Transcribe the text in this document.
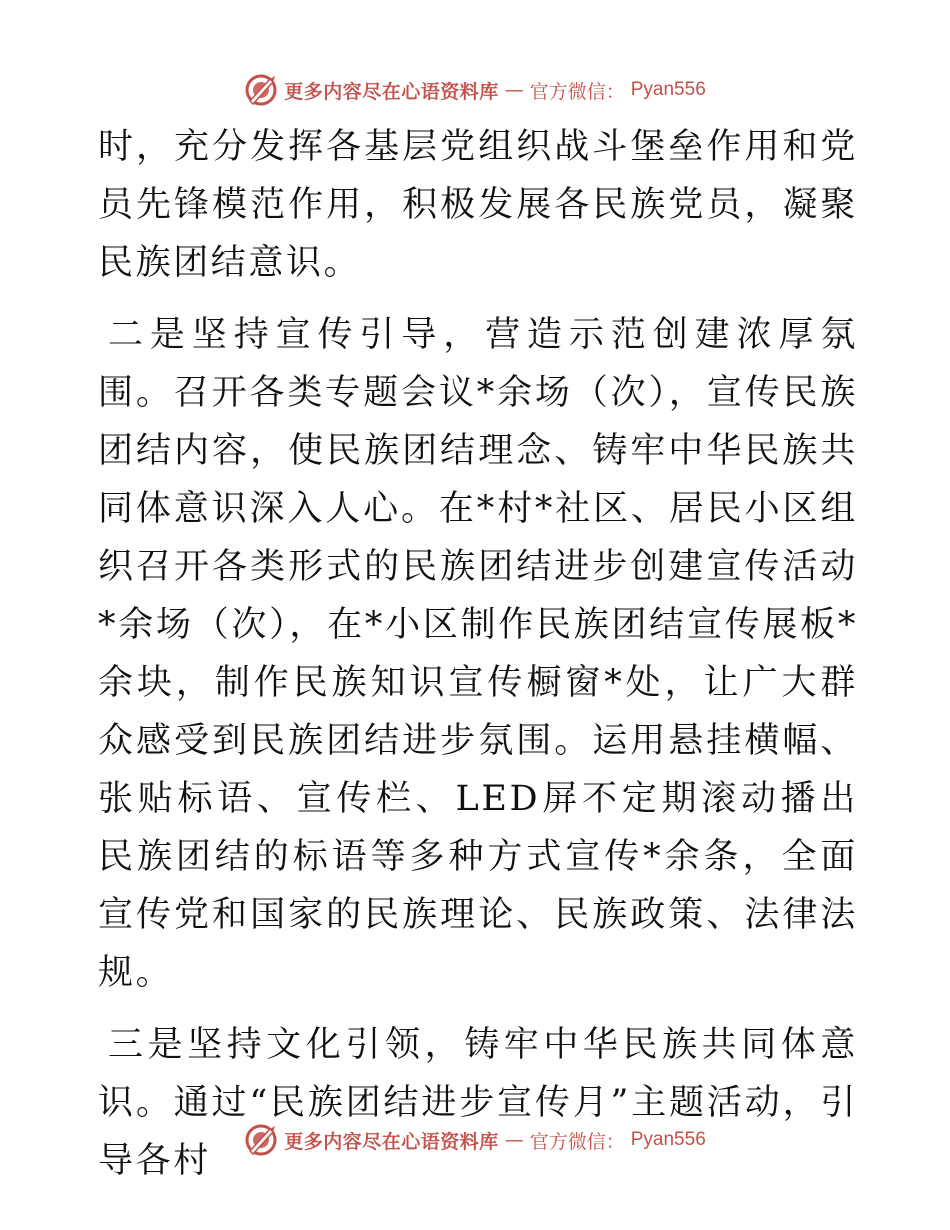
更多内容尽在心语资料库 — 官方微信： Pyan556

时，充分发挥各基层党组织战斗堡垒作用和党员先锋模范作用，积极发展各民族党员，凝聚民族团结意识。

二是坚持宣传引导，营造示范创建浓厚氛围。召开各类专题会议*余场（次），宣传民族团结内容，使民族团结理念、铸牢中华民族共同体意识深入人心。在*村*社区、居民小区组织召开各类形式的民族团结进步创建宣传活动*余场（次），在*小区制作民族团结宣传展板*余块，制作民族知识宣传橱窗*处，让广大群众感受到民族团结进步氛围。运用悬挂横幅、张贴标语、宣传栏、LED屏不定期滚动播出民族团结的标语等多种方式宣传*余条，全面宣传党和国家的民族理论、民族政策、法律法规。

三是坚持文化引领，铸牢中华民族共同体意识。通过“民族团结进步宣传月”主题活动，引导各村	更多内容尽在心语资料库 — 官方微信： Pyan556
